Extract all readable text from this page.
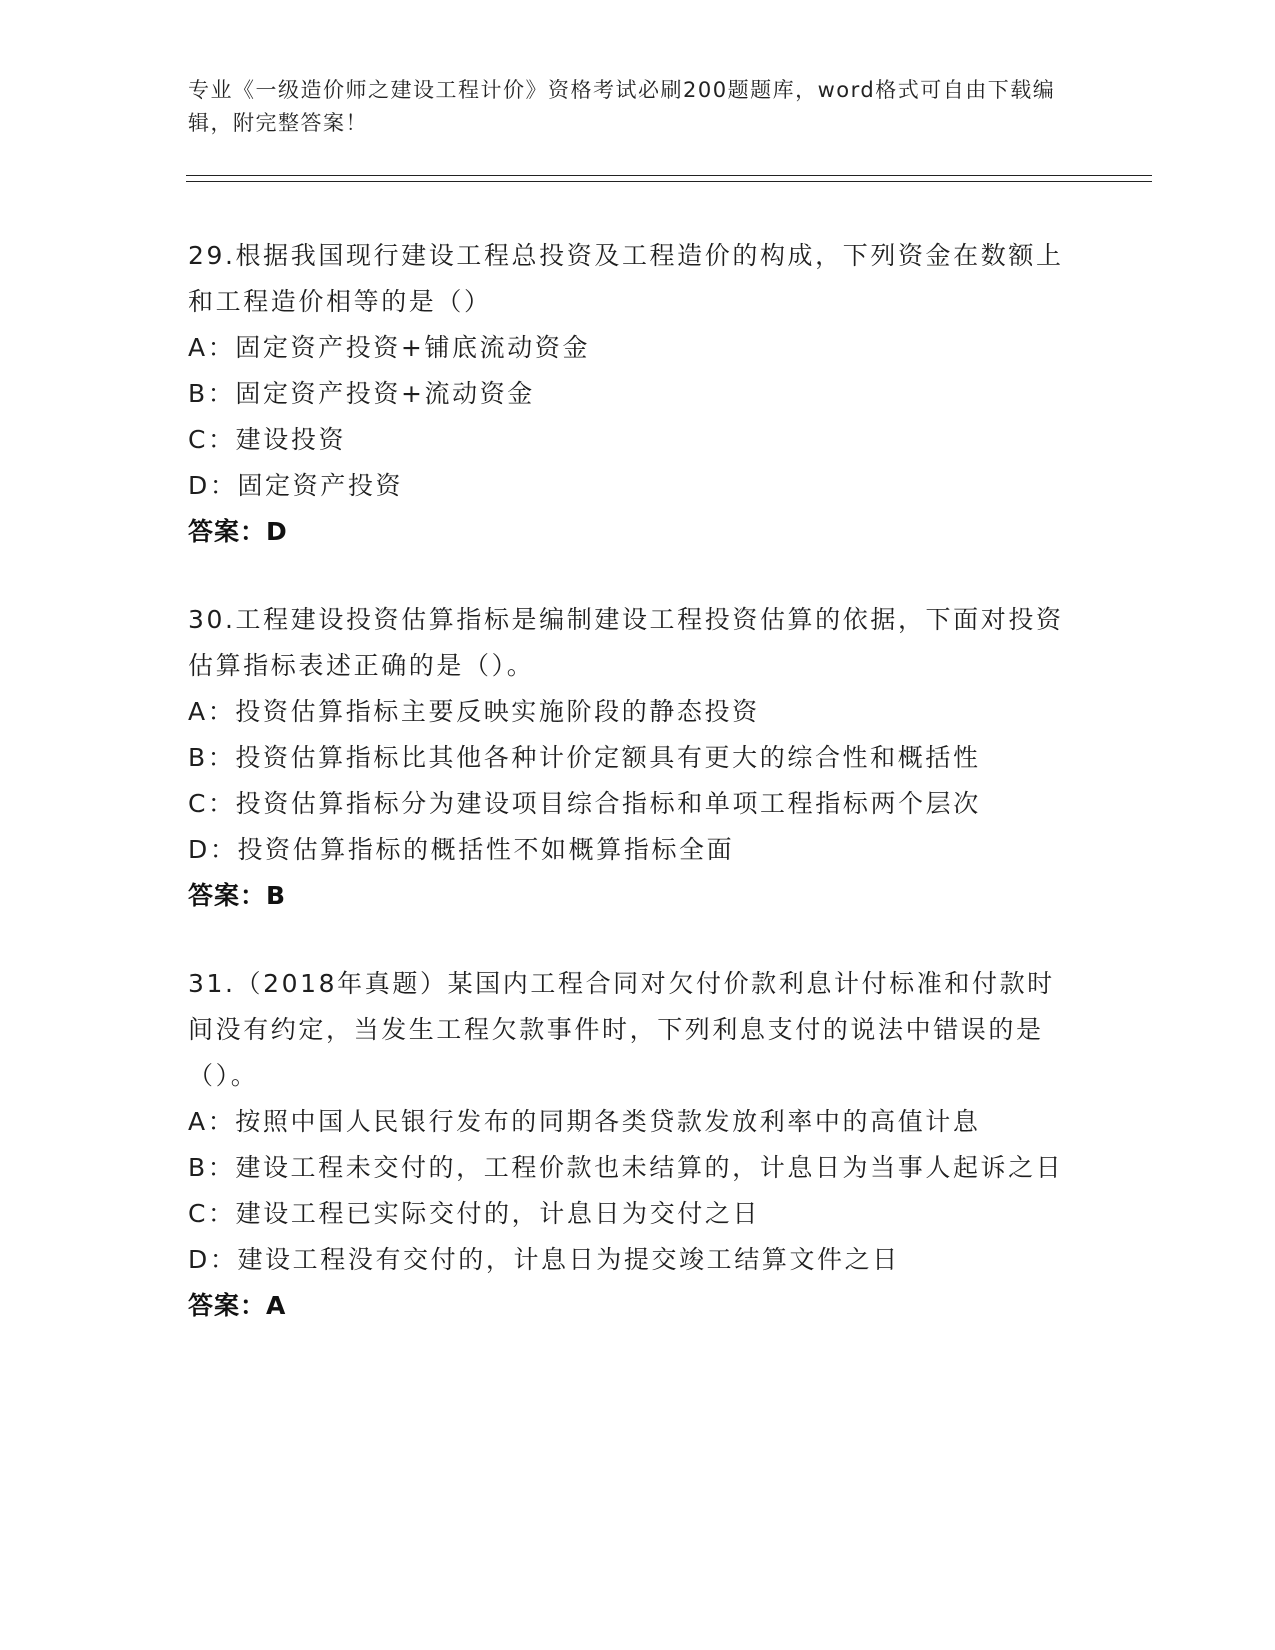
专业《一级造价师之建设工程计价》资格考试必刷200题题库，word格式可自由下载编辑，附完整答案！
29.根据我国现行建设工程总投资及工程造价的构成，下列资金在数额上和工程造价相等的是（）
A：固定资产投资+铺底流动资金
B：固定资产投资+流动资金
C：建设投资
D：固定资产投资
答案：D
30.工程建设投资估算指标是编制建设工程投资估算的依据，下面对投资估算指标表述正确的是（）。
A：投资估算指标主要反映实施阶段的静态投资
B：投资估算指标比其他各种计价定额具有更大的综合性和概括性
C：投资估算指标分为建设项目综合指标和单项工程指标两个层次
D：投资估算指标的概括性不如概算指标全面
答案：B
31.（2018年真题）某国内工程合同对欠付价款利息计付标准和付款时间没有约定，当发生工程欠款事件时，下列利息支付的说法中错误的是（）。
A：按照中国人民银行发布的同期各类贷款发放利率中的高值计息
B：建设工程未交付的，工程价款也未结算的，计息日为当事人起诉之日
C：建设工程已实际交付的，计息日为交付之日
D：建设工程没有交付的，计息日为提交竣工结算文件之日
答案：A
